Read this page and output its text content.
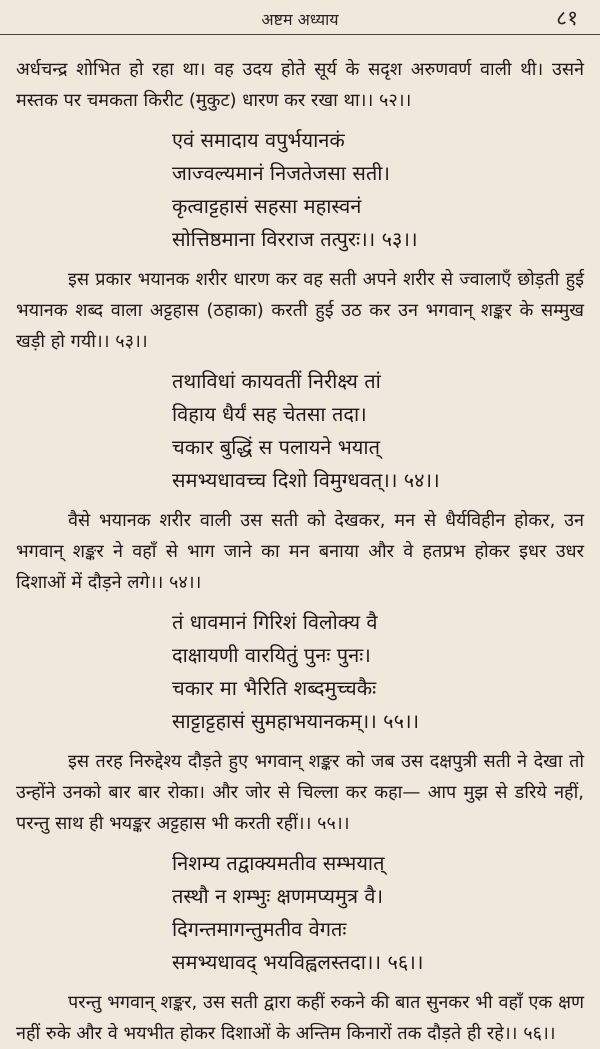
अष्टम अध्याय	८१

अर्धचन्द्र शोभित हो रहा था। वह उदय होते सूर्य के सदृश अरुणवर्ण वाली थी। उसने मस्तक पर चमकता किरीट (मुकुट) धारण कर रखा था।। ५२।।

एवं समादाय वपुर्भयानकं
जाज्वल्यमानं निजतेजसा सती।
कृत्वाट्टहासं सहसा महास्वनं
सोत्तिष्ठमाना विरराज तत्पुरः।। ५३।।

इस प्रकार भयानक शरीर धारण कर वह सती अपने शरीर से ज्वालाएँ छोड़ती हुई भयानक शब्द वाला अट्टहास (ठहाका) करती हुई उठ कर उन भगवान् शङ्कर के सम्मुख खड़ी हो गयी।। ५३।।

तथाविधां कायवतीं निरीक्ष्य तां
विहाय धैर्यं सह चेतसा तदा।
चकार बुद्धिं स पलायने भयात्
समभ्यधावच्च दिशो विमुग्धवत्।। ५४।।

वैसे भयानक शरीर वाली उस सती को देखकर, मन से धैर्यविहीन होकर, उन भगवान् शङ्कर ने वहाँ से भाग जाने का मन बनाया और वे हतप्रभ होकर इधर उधर दिशाओं में दौड़ने लगे।। ५४।।

तं धावमानं गिरिशं विलोक्य वै
दाक्षायणी वारयितुं पुनः पुनः।
चकार मा भैरिति शब्दमुच्चकैः
साट्टाट्टहासं सुमहाभयानकम्।। ५५।।

इस तरह निरुद्देश्य दौड़ते हुए भगवान् शङ्कर को जब उस दक्षपुत्री सती ने देखा तो उन्होंने उनको बार बार रोका। और जोर से चिल्ला कर कहा— आप मुझ से डरिये नहीं, परन्तु साथ ही भयङ्कर अट्टहास भी करती रहीं।। ५५।।

निशम्य तद्वाक्यमतीव सम्भयात्
तस्थौ न शम्भुः क्षणमप्यमुत्र वै।
दिगन्तमागन्तुमतीव वेगतः
समभ्यधावद् भयविह्वलस्तदा।। ५६।।

परन्तु भगवान् शङ्कर, उस सती द्वारा कहीं रुकने की बात सुनकर भी वहाँ एक क्षण नहीं रुके और वे भयभीत होकर दिशाओं के अन्तिम किनारों तक दौड़ते ही रहे।। ५६।।
